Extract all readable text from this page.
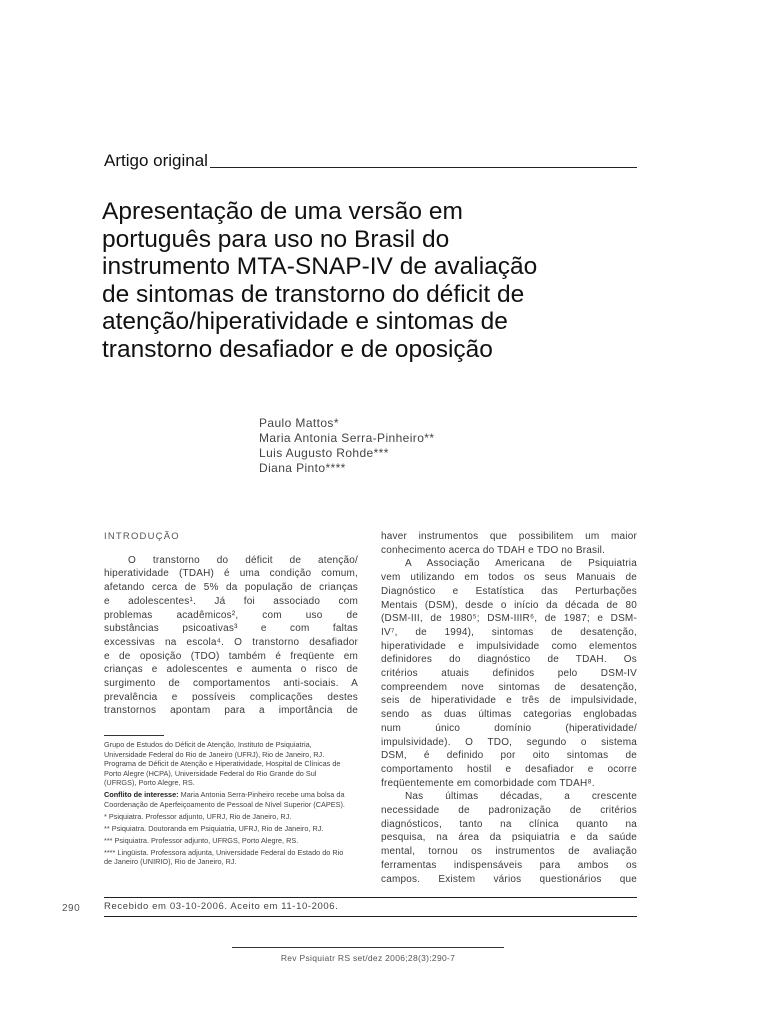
Artigo original
Apresentação de uma versão em
português para uso no Brasil do
instrumento MTA-SNAP-IV de avaliação
de sintomas de transtorno do déficit de
atenção/hiperatividade e sintomas de
transtorno desafiador e de oposição
Paulo Mattos*
Maria Antonia Serra-Pinheiro**
Luis Augusto Rohde***
Diana Pinto****
INTRODUÇÃO
O transtorno do déficit de atenção/
hiperatividade (TDAH) é uma condição comum,
afetando cerca de 5% da população de crianças
e adolescentes¹. Já foi associado com
problemas acadêmicos², com uso de
substâncias psicoativas³ e com faltas
excessivas na escola⁴. O transtorno desafiador
e de oposição (TDO) também é freqüente em
crianças e adolescentes e aumenta o risco de
surgimento de comportamentos anti-sociais. A
prevalência e possíveis complicações destes
transtornos apontam para a importância de

Grupo de Estudos do Déficit de Atenção, Instituto de Psiquiatria,
Universidade Federal do Rio de Janeiro (UFRJ), Rio de Janeiro, RJ.
Programa de Déficit de Atenção e Hiperatividade, Hospital de Clínicas de
Porto Alegre (HCPA), Universidade Federal do Rio Grande do Sul
(UFRGS), Porto Alegre, RS.

Conflito de interesse: Maria Antonia Serra-Pinheiro recebe uma bolsa da
Coordenação de Aperfeiçoamento de Pessoal de Nível Superior (CAPES).

* Psiquiatra. Professor adjunto, UFRJ, Rio de Janeiro, RJ.

** Psiquiatra. Doutoranda em Psiquiatria, UFRJ, Rio de Janeiro, RJ.

*** Psiquiatra. Professor adjunto, UFRGS, Porto Alegre, RS.

**** Lingüista. Professora adjunta, Universidade Federal do Estado do Rio
de Janeiro (UNIRIO), Rio de Janeiro, RJ.

haver instrumentos que possibilitem um maior
conhecimento acerca do TDAH e TDO no Brasil.
A Associação Americana de Psiquiatria
vem utilizando em todos os seus Manuais de
Diagnóstico e Estatística das Perturbações
Mentais (DSM), desde o início da década de 80
(DSM-III, de 1980⁵; DSM-IIIR⁶, de 1987; e DSM-
IV⁷, de 1994), sintomas de desatenção,
hiperatividade e impulsividade como elementos
definidores do diagnóstico de TDAH. Os
critérios atuais definidos pelo DSM-IV
compreendem nove sintomas de desatenção,
seis de hiperatividade e três de impulsividade,
sendo as duas últimas categorias englobadas
num único domínio (hiperatividade/
impulsividade). O TDO, segundo o sistema
DSM, é definido por oito sintomas de
comportamento hostil e desafiador e ocorre
freqüentemente em comorbidade com TDAH⁸.
Nas últimas décadas, a crescente
necessidade de padronização de critérios
diagnósticos, tanto na clínica quanto na
pesquisa, na área da psiquiatria e da saúde
mental, tornou os instrumentos de avaliação
ferramentas indispensáveis para ambos os
campos. Existem vários questionários que
290	Recebido em 03-10-2006. Aceito em 11-10-2006.
Rev Psiquiatr RS set/dez 2006;28(3):290-7
